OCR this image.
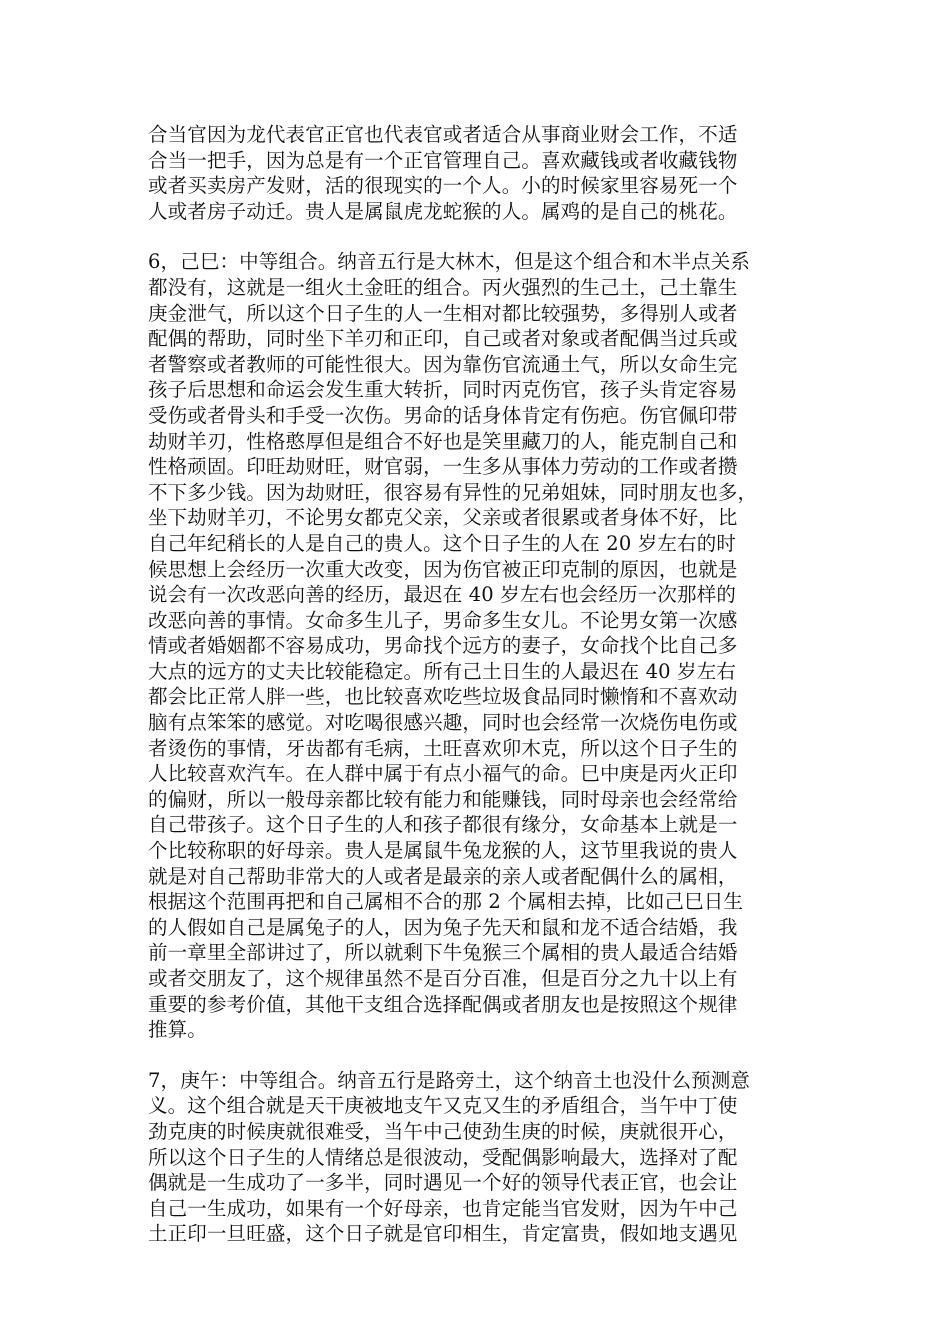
合当官因为龙代表官正官也代表官或者适合从事商业财会工作，不适
合当一把手，因为总是有一个正官管理自己。喜欢藏钱或者收藏钱物
或者买卖房产发财，活的很现实的一个人。小的时候家里容易死一个
人或者房子动迁。贵人是属鼠虎龙蛇猴的人。属鸡的是自己的桃花。
6，己巳：中等组合。纳音五行是大林木，但是这个组合和木半点关系
都没有，这就是一组火土金旺的组合。丙火强烈的生己土，己土靠生
庚金泄气，所以这个日子生的人一生相对都比较强势，多得别人或者
配偶的帮助，同时坐下羊刃和正印，自己或者对象或者配偶当过兵或
者警察或者教师的可能性很大。因为靠伤官流通土气，所以女命生完
孩子后思想和命运会发生重大转折，同时丙克伤官，孩子头肯定容易
受伤或者骨头和手受一次伤。男命的话身体肯定有伤疤。伤官佩印带
劫财羊刃，性格憨厚但是组合不好也是笑里藏刀的人，能克制自己和
性格顽固。印旺劫财旺，财官弱，一生多从事体力劳动的工作或者攒
不下多少钱。因为劫财旺，很容易有异性的兄弟姐妹，同时朋友也多，
坐下劫财羊刃，不论男女都克父亲，父亲或者很累或者身体不好，比
自己年纪稍长的人是自己的贵人。这个日子生的人在 20 岁左右的时
候思想上会经历一次重大改变，因为伤官被正印克制的原因，也就是
说会有一次改恶向善的经历，最迟在 40 岁左右也会经历一次那样的
改恶向善的事情。女命多生儿子，男命多生女儿。不论男女第一次感
情或者婚姻都不容易成功，男命找个远方的妻子，女命找个比自己多
大点的远方的丈夫比较能稳定。所有己土日生的人最迟在 40 岁左右
都会比正常人胖一些，也比较喜欢吃些垃圾食品同时懒惰和不喜欢动
脑有点笨笨的感觉。对吃喝很感兴趣，同时也会经常一次烧伤电伤或
者烫伤的事情，牙齿都有毛病，土旺喜欢卯木克，所以这个日子生的
人比较喜欢汽车。在人群中属于有点小福气的命。巳中庚是丙火正印
的偏财，所以一般母亲都比较有能力和能赚钱，同时母亲也会经常给
自己带孩子。这个日子生的人和孩子都很有缘分，女命基本上就是一
个比较称职的好母亲。贵人是属鼠牛兔龙猴的人，这节里我说的贵人
就是对自己帮助非常大的人或者是最亲的亲人或者配偶什么的属相，
根据这个范围再把和自己属相不合的那 2 个属相去掉，比如己巳日生
的人假如自己是属兔子的人，因为兔子先天和鼠和龙不适合结婚，我
前一章里全部讲过了，所以就剩下牛兔猴三个属相的贵人最适合结婚
或者交朋友了，这个规律虽然不是百分百准，但是百分之九十以上有
重要的参考价值，其他干支组合选择配偶或者朋友也是按照这个规律
推算。
7，庚午：中等组合。纳音五行是路旁土，这个纳音土也没什么预测意
义。这个组合就是天干庚被地支午又克又生的矛盾组合，当午中丁使
劲克庚的时候庚就很难受，当午中己使劲生庚的时候，庚就很开心，
所以这个日子生的人情绪总是很波动，受配偶影响最大，选择对了配
偶就是一生成功了一多半，同时遇见一个好的领导代表正官，也会让
自己一生成功，如果有一个好母亲，也肯定能当官发财，因为午中己
土正印一旦旺盛，这个日子就是官印相生，肯定富贵，假如地支遇见
